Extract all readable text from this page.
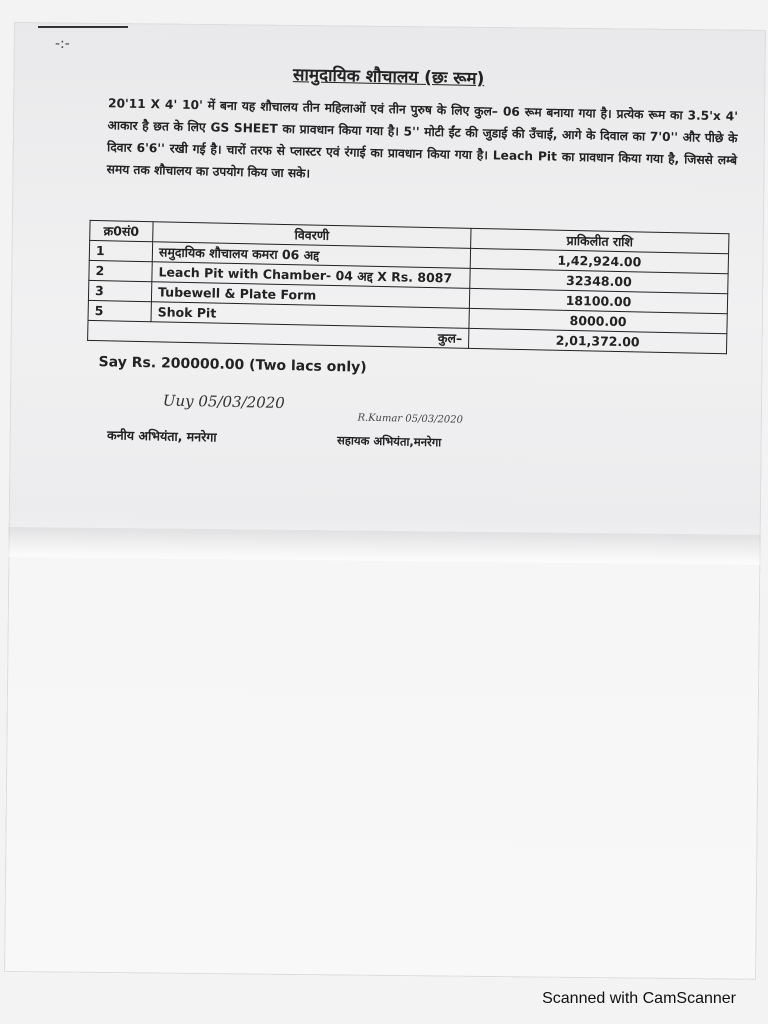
-:-
सामुदायिक शौचालय (छः रूम)
20'11 X 4' 10' में बना यह शौचालय तीन महिलाओं एवं तीन पुरुष के लिए कुल– 06 रूम बनाया गया है। प्रत्येक रूम का 3.5'x 4' आकार है छत के लिए GS SHEET का प्रावधान किया गया है। 5'' मोटी ईंट की जुडाई की उँचाई, आगे के दिवाल का 7'0'' और पीछे के दिवार 6'6'' रखी गई है। चारों तरफ से प्लास्टर एवं रंगाई का प्रावधान किया गया है। Leach Pit का प्रावधान किया गया है, जिससे लम्बे समय तक शौचालय का उपयोग किय जा सके।
क्र0सं0	विवरणी	प्राकिलीत राशि
1	समुदायिक शौचालय कमरा 06 अद्द	1,42,924.00
2	Leach Pit with Chamber- 04 अद्द X Rs. 8087	32348.00
3	Tubewell & Plate Form	18100.00
5	Shok Pit	8000.00
कुल–		2,01,372.00
Say Rs. 200000.00 (Two lacs only)
Uuy 05/03/2020
R.Kumar 05/03/2020
कनीय अभियंता, मनरेगा	सहायक अभियंता,मनरेगा
Scanned with CamScanner
